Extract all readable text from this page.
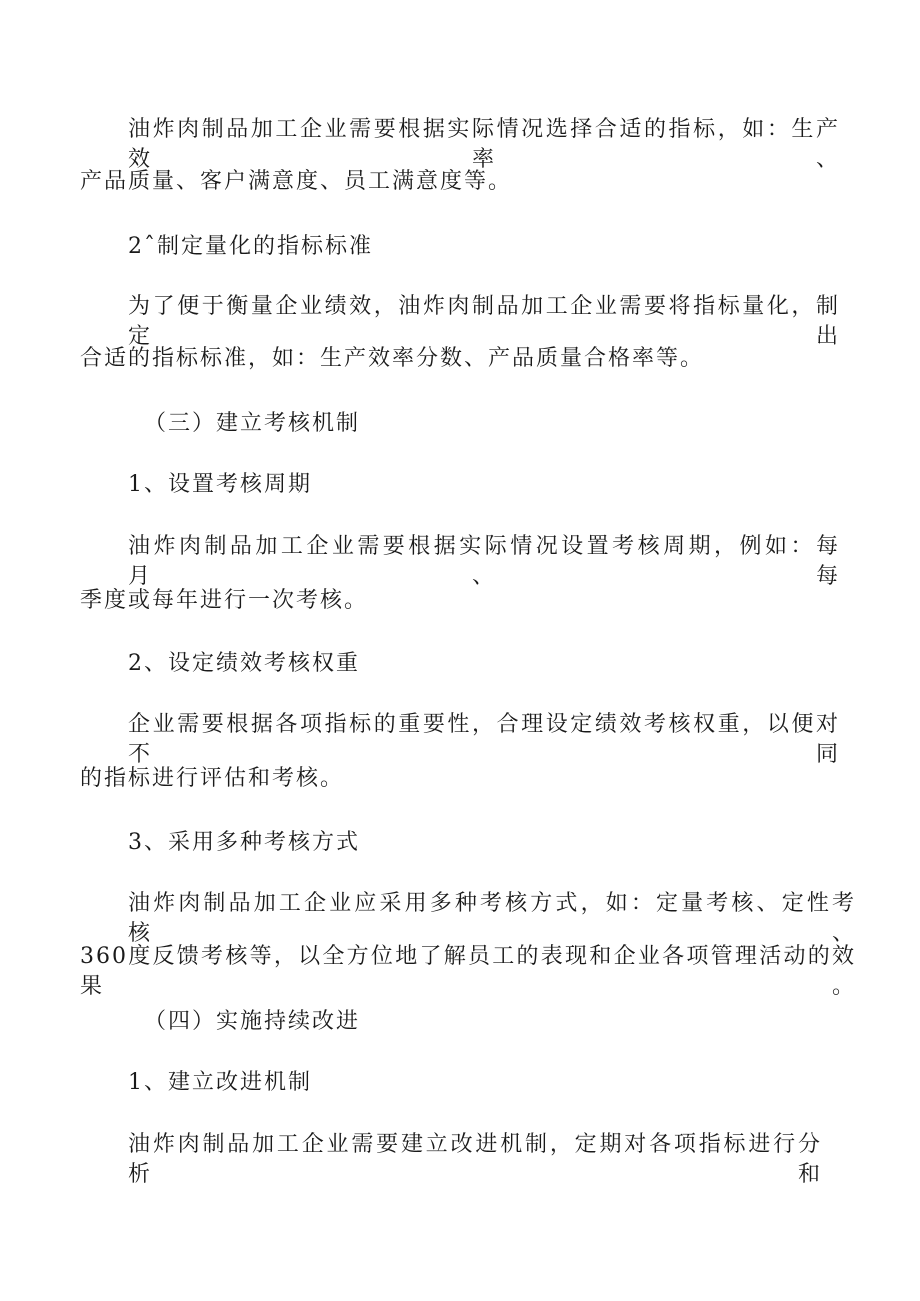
油炸肉制品加工企业需要根据实际情况选择合适的指标，如：生产效率、
产品质量、客户满意度、员工满意度等。
2ˆ制定量化的指标标准
为了便于衡量企业绩效，油炸肉制品加工企业需要将指标量化，制定出
合适的指标标准，如：生产效率分数、产品质量合格率等。
（三）建立考核机制
1、设置考核周期
油炸肉制品加工企业需要根据实际情况设置考核周期，例如：每月、每
季度或每年进行一次考核。
2、设定绩效考核权重
企业需要根据各项指标的重要性，合理设定绩效考核权重，以便对不同
的指标进行评估和考核。
3、采用多种考核方式
油炸肉制品加工企业应采用多种考核方式，如：定量考核、定性考核、
360度反馈考核等，以全方位地了解员工的表现和企业各项管理活动的效果。
（四）实施持续改进
1、建立改进机制
油炸肉制品加工企业需要建立改进机制，定期对各项指标进行分析和
